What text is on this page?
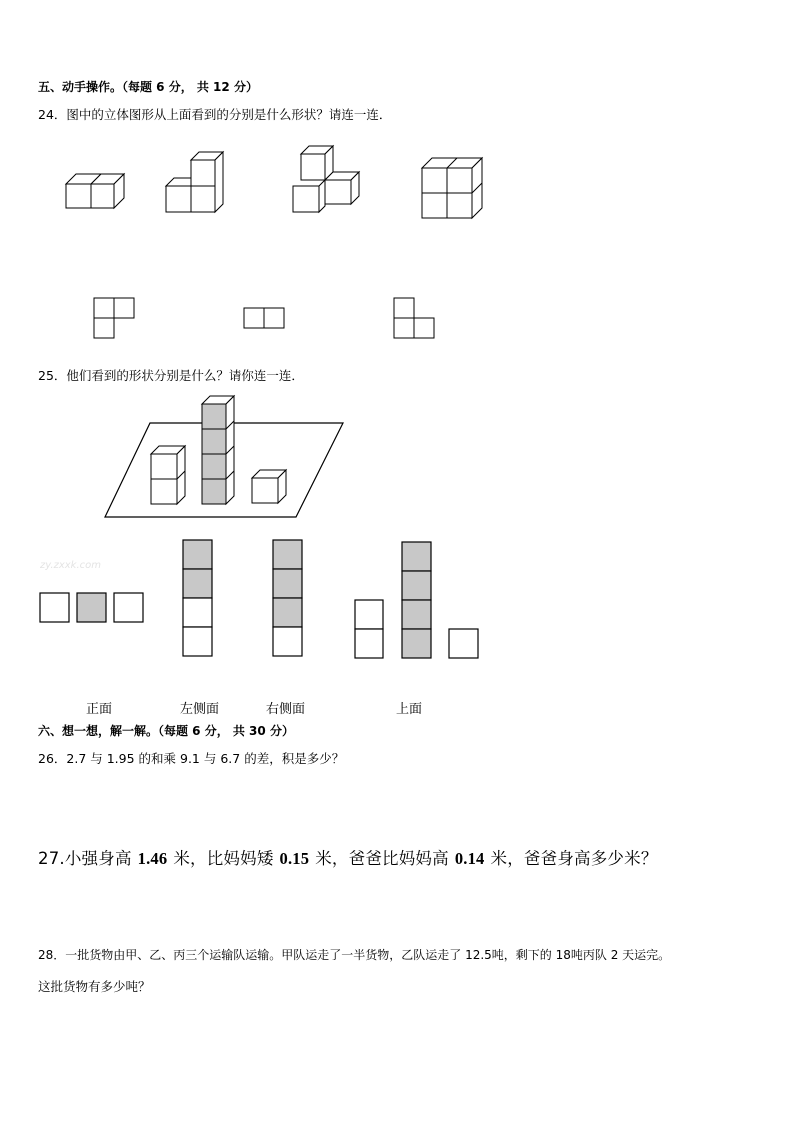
五、动手操作。（每题 6 分， 共 12 分）
24．图中的立体图形从上面看到的分别是什么形状？请连一连．
25．他们看到的形状分别是什么？请你连一连．
zy.zxxk.com
正面	左侧面	右侧面	上面
六、想一想，解一解。（每题 6 分， 共 30 分）
26．2.7 与 1.95 的和乘 9.1 与 6.7 的差，积是多少？
27.小强身高 1.46 米，比妈妈矮 0.15 米，爸爸比妈妈高 0.14 米，爸爸身高多少米？
28．一批货物由甲、乙、丙三个运输队运输。甲队运走了一半货物，乙队运走了 12.5吨，剩下的 18吨丙队 2 天运完。
这批货物有多少吨？
